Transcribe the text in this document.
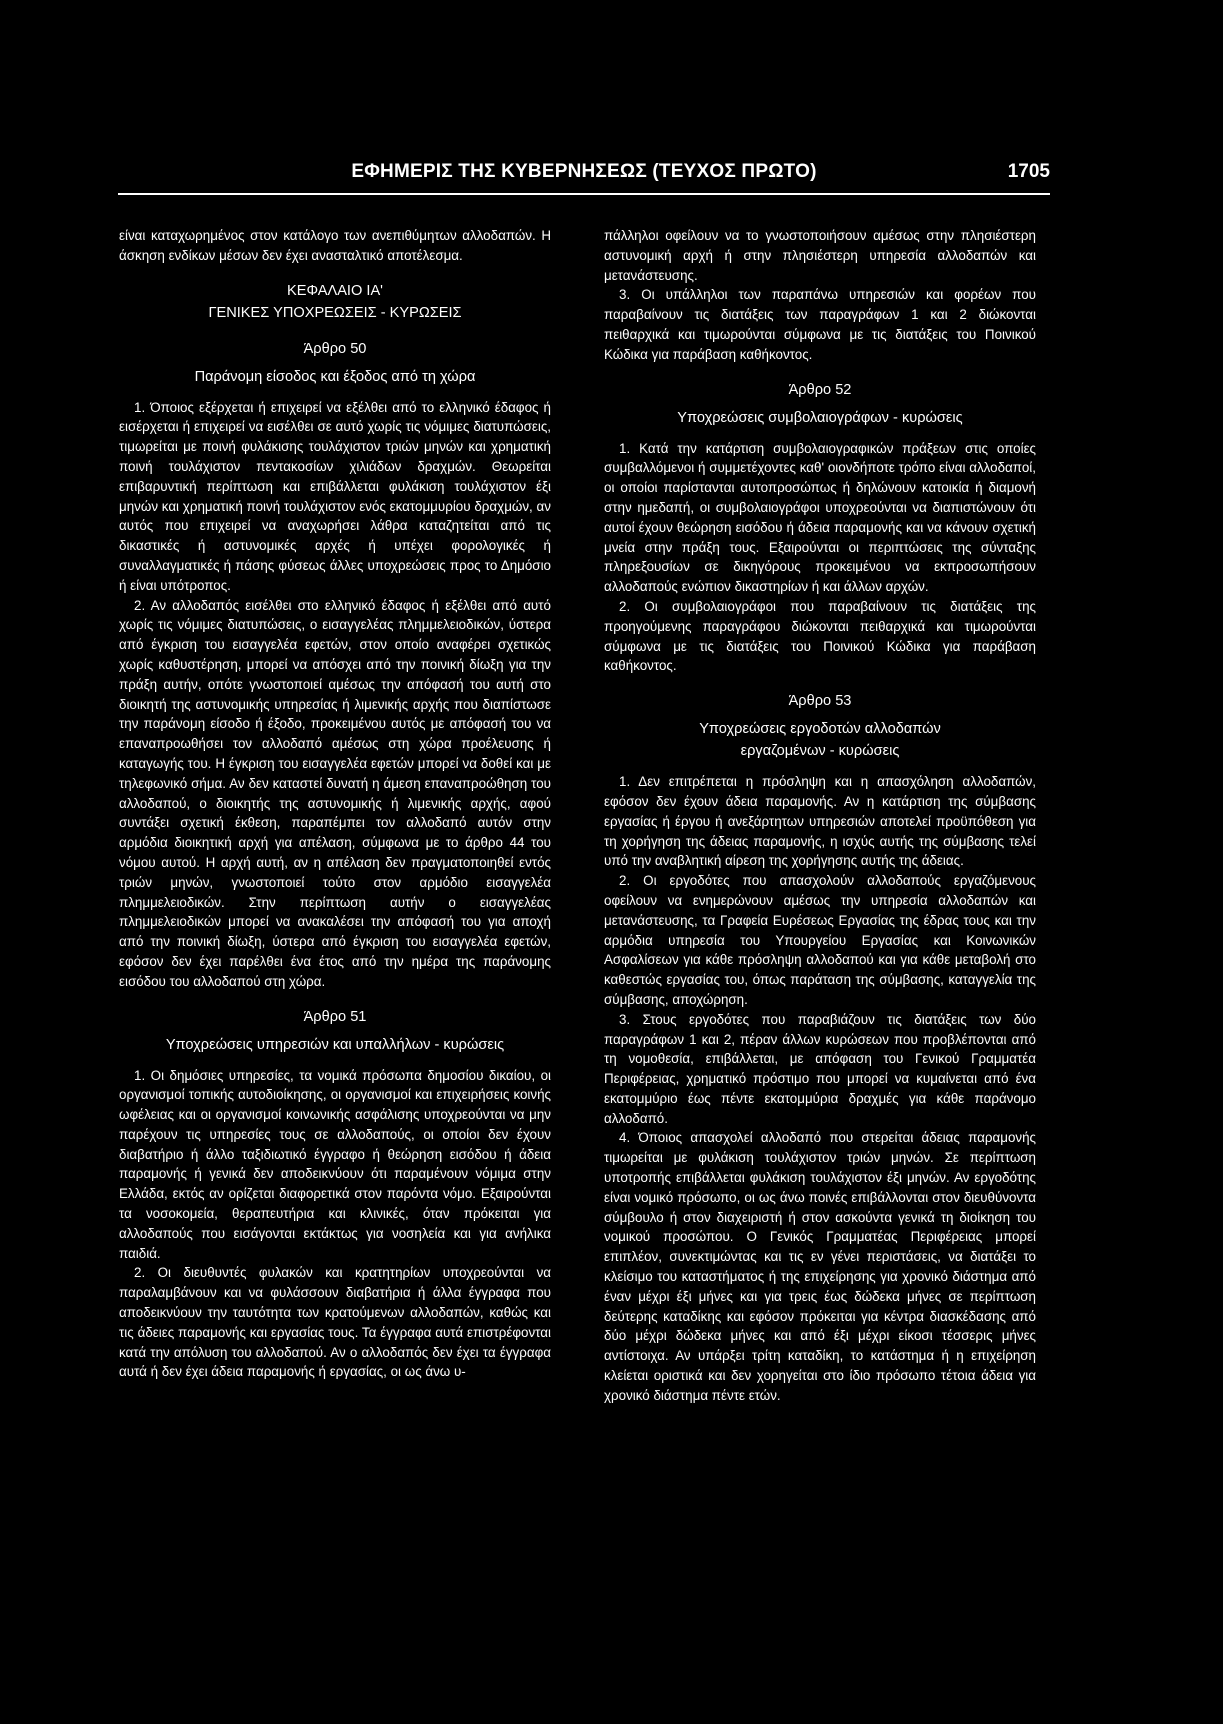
ΕΦΗΜΕΡΙΣ ΤΗΣ ΚΥΒΕΡΝΗΣΕΩΣ (ΤΕΥΧΟΣ ΠΡΩΤΟ)	1705

είναι καταχωρημένος στον κατάλογο των ανεπιθύμητων αλλοδαπών. Η άσκηση ενδίκων μέσων δεν έχει ανασταλτικό αποτέλεσμα.

ΚΕΦΑΛΑΙΟ ΙΑ'
ΓΕΝΙΚΕΣ ΥΠΟΧΡΕΩΣΕΙΣ - ΚΥΡΩΣΕΙΣ
Άρθρο 50
Παράνομη είσοδος και έξοδος από τη χώρα

1. Όποιος εξέρχεται ή επιχειρεί να εξέλθει από το ελληνικό έδαφος ή εισέρχεται ή επιχειρεί να εισέλθει σε αυτό χωρίς τις νόμιμες διατυπώσεις, τιμωρείται με ποινή φυλάκισης τουλάχιστον τριών μηνών και χρηματική ποινή τουλάχιστον πεντακοσίων χιλιάδων δραχμών. Θεωρείται επιβαρυντική περίπτωση και επιβάλλεται φυλάκιση τουλάχιστον έξι μηνών και χρηματική ποινή τουλάχιστον ενός εκατομμυρίου δραχμών, αν αυτός που επιχειρεί να αναχωρήσει λάθρα καταζητείται από τις δικαστικές ή αστυνομικές αρχές ή υπέχει φορολογικές ή συναλλαγματικές ή πάσης φύσεως άλλες υποχρεώσεις προς το Δημόσιο ή είναι υπότροπος.

2. Αν αλλοδαπός εισέλθει στο ελληνικό έδαφος ή εξέλθει από αυτό χωρίς τις νόμιμες διατυπώσεις, ο εισαγγελέας πλημμελειοδικών, ύστερα από έγκριση του εισαγγελέα εφετών, στον οποίο αναφέρει σχετικώς χωρίς καθυστέρηση, μπορεί να απόσχει από την ποινική δίωξη για την πράξη αυτήν, οπότε γνωστοποιεί αμέσως την απόφασή του αυτή στο διοικητή της αστυνομικής υπηρεσίας ή λιμενικής αρχής που διαπίστωσε την παράνομη είσοδο ή έξοδο, προκειμένου αυτός με απόφασή του να επαναπροωθήσει τον αλλοδαπό αμέσως στη χώρα προέλευσης ή καταγωγής του. Η έγκριση του εισαγγελέα εφετών μπορεί να δοθεί και με τηλεφωνικό σήμα. Αν δεν καταστεί δυνατή η άμεση επαναπροώθηση του αλλοδαπού, ο διοικητής της αστυνομικής ή λιμενικής αρχής, αφού συντάξει σχετική έκθεση, παραπέμπει τον αλλοδαπό αυτόν στην αρμόδια διοικητική αρχή για απέλαση, σύμφωνα με το άρθρο 44 του νόμου αυτού. Η αρχή αυτή, αν η απέλαση δεν πραγματοποιηθεί εντός τριών μηνών, γνωστοποιεί τούτο στον αρμόδιο εισαγγελέα πλημμελειοδικών. Στην περίπτωση αυτήν ο εισαγγελέας πλημμελειοδικών μπορεί να ανακαλέσει την απόφασή του για αποχή από την ποινική δίωξη, ύστερα από έγκριση του εισαγγελέα εφετών, εφόσον δεν έχει παρέλθει ένα έτος από την ημέρα της παράνομης εισόδου του αλλοδαπού στη χώρα.

Άρθρο 51
Υποχρεώσεις υπηρεσιών και υπαλλήλων - κυρώσεις

1. Οι δημόσιες υπηρεσίες, τα νομικά πρόσωπα δημοσίου δικαίου, οι οργανισμοί τοπικής αυτοδιοίκησης, οι οργανισμοί και επιχειρήσεις κοινής ωφέλειας και οι οργανισμοί κοινωνικής ασφάλισης υποχρεούνται να μην παρέχουν τις υπηρεσίες τους σε αλλοδαπούς, οι οποίοι δεν έχουν διαβατήριο ή άλλο ταξιδιωτικό έγγραφο ή θεώρηση εισόδου ή άδεια παραμονής ή γενικά δεν αποδεικνύουν ότι παραμένουν νόμιμα στην Ελλάδα, εκτός αν ορίζεται διαφορετικά στον παρόντα νόμο. Εξαιρούνται τα νοσοκομεία, θεραπευτήρια και κλινικές, όταν πρόκειται για αλλοδαπούς που εισάγονται εκτάκτως για νοσηλεία και για ανήλικα παιδιά.

2. Οι διευθυντές φυλακών και κρατητηρίων υποχρεούνται να παραλαμβάνουν και να φυλάσσουν διαβατήρια ή άλλα έγγραφα που αποδεικνύουν την ταυτότητα των κρατούμενων αλλοδαπών, καθώς και τις άδειες παραμονής και εργασίας τους. Τα έγγραφα αυτά επιστρέφονται κατά την απόλυση του αλλοδαπού. Αν ο αλλοδαπός δεν έχει τα έγγραφα αυτά ή δεν έχει άδεια παραμονής ή εργασίας, οι ως άνω υ-

πάλληλοι οφείλουν να το γνωστοποιήσουν αμέσως στην πλησιέστερη αστυνομική αρχή ή στην πλησιέστερη υπηρεσία αλλοδαπών και μετανάστευσης.

3. Οι υπάλληλοι των παραπάνω υπηρεσιών και φορέων που παραβαίνουν τις διατάξεις των παραγράφων 1 και 2 διώκονται πειθαρχικά και τιμωρούνται σύμφωνα με τις διατάξεις του Ποινικού Κώδικα για παράβαση καθήκοντος.

Άρθρο 52
Υποχρεώσεις συμβολαιογράφων - κυρώσεις

1. Κατά την κατάρτιση συμβολαιογραφικών πράξεων στις οποίες συμβαλλόμενοι ή συμμετέχοντες καθ' οιονδήποτε τρόπο είναι αλλοδαποί, οι οποίοι παρίστανται αυτοπροσώπως ή δηλώνουν κατοικία ή διαμονή στην ημεδαπή, οι συμβολαιογράφοι υποχρεούνται να διαπιστώνουν ότι αυτοί έχουν θεώρηση εισόδου ή άδεια παραμονής και να κάνουν σχετική μνεία στην πράξη τους. Εξαιρούνται οι περιπτώσεις της σύνταξης πληρεξουσίων σε δικηγόρους προκειμένου να εκπροσωπήσουν αλλοδαπούς ενώπιον δικαστηρίων ή και άλλων αρχών.

2. Οι συμβολαιογράφοι που παραβαίνουν τις διατάξεις της προηγούμενης παραγράφου διώκονται πειθαρχικά και τιμωρούνται σύμφωνα με τις διατάξεις του Ποινικού Κώδικα για παράβαση καθήκοντος.

Άρθρο 53
Υποχρεώσεις εργοδοτών αλλοδαπών
εργαζομένων - κυρώσεις

1. Δεν επιτρέπεται η πρόσληψη και η απασχόληση αλλοδαπών, εφόσον δεν έχουν άδεια παραμονής. Αν η κατάρτιση της σύμβασης εργασίας ή έργου ή ανεξάρτητων υπηρεσιών αποτελεί προϋπόθεση για τη χορήγηση της άδειας παραμονής, η ισχύς αυτής της σύμβασης τελεί υπό την αναβλητική αίρεση της χορήγησης αυτής της άδειας.

2. Οι εργοδότες που απασχολούν αλλοδαπούς εργαζόμενους οφείλουν να ενημερώνουν αμέσως την υπηρεσία αλλοδαπών και μετανάστευσης, τα Γραφεία Ευρέσεως Εργασίας της έδρας τους και την αρμόδια υπηρεσία του Υπουργείου Εργασίας και Κοινωνικών Ασφαλίσεων για κάθε πρόσληψη αλλοδαπού και για κάθε μεταβολή στο καθεστώς εργασίας του, όπως παράταση της σύμβασης, καταγγελία της σύμβασης, αποχώρηση.

3. Στους εργοδότες που παραβιάζουν τις διατάξεις των δύο παραγράφων 1 και 2, πέραν άλλων κυρώσεων που προβλέπονται από τη νομοθεσία, επιβάλλεται, με απόφαση του Γενικού Γραμματέα Περιφέρειας, χρηματικό πρόστιμο που μπορεί να κυμαίνεται από ένα εκατομμύριο έως πέντε εκατομμύρια δραχμές για κάθε παράνομο αλλοδαπό.

4. Όποιος απασχολεί αλλοδαπό που στερείται άδειας παραμονής τιμωρείται με φυλάκιση τουλάχιστον τριών μηνών. Σε περίπτωση υποτροπής επιβάλλεται φυλάκιση τουλάχιστον έξι μηνών. Αν εργοδότης είναι νομικό πρόσωπο, οι ως άνω ποινές επιβάλλονται στον διευθύνοντα σύμβουλο ή στον διαχειριστή ή στον ασκούντα γενικά τη διοίκηση του νομικού προσώπου. Ο Γενικός Γραμματέας Περιφέρειας μπορεί επιπλέον, συνεκτιμώντας και τις εν γένει περιστάσεις, να διατάξει το κλείσιμο του καταστήματος ή της επιχείρησης για χρονικό διάστημα από έναν μέχρι έξι μήνες και για τρεις έως δώδεκα μήνες σε περίπτωση δεύτερης καταδίκης και εφόσον πρόκειται για κέντρα διασκέδασης από δύο μέχρι δώδεκα μήνες και από έξι μέχρι είκοσι τέσσερις μήνες αντίστοιχα. Αν υπάρξει τρίτη καταδίκη, το κατάστημα ή η επιχείρηση κλείεται οριστικά και δεν χορηγείται στο ίδιο πρόσωπο τέτοια άδεια για χρονικό διάστημα πέντε ετών.
